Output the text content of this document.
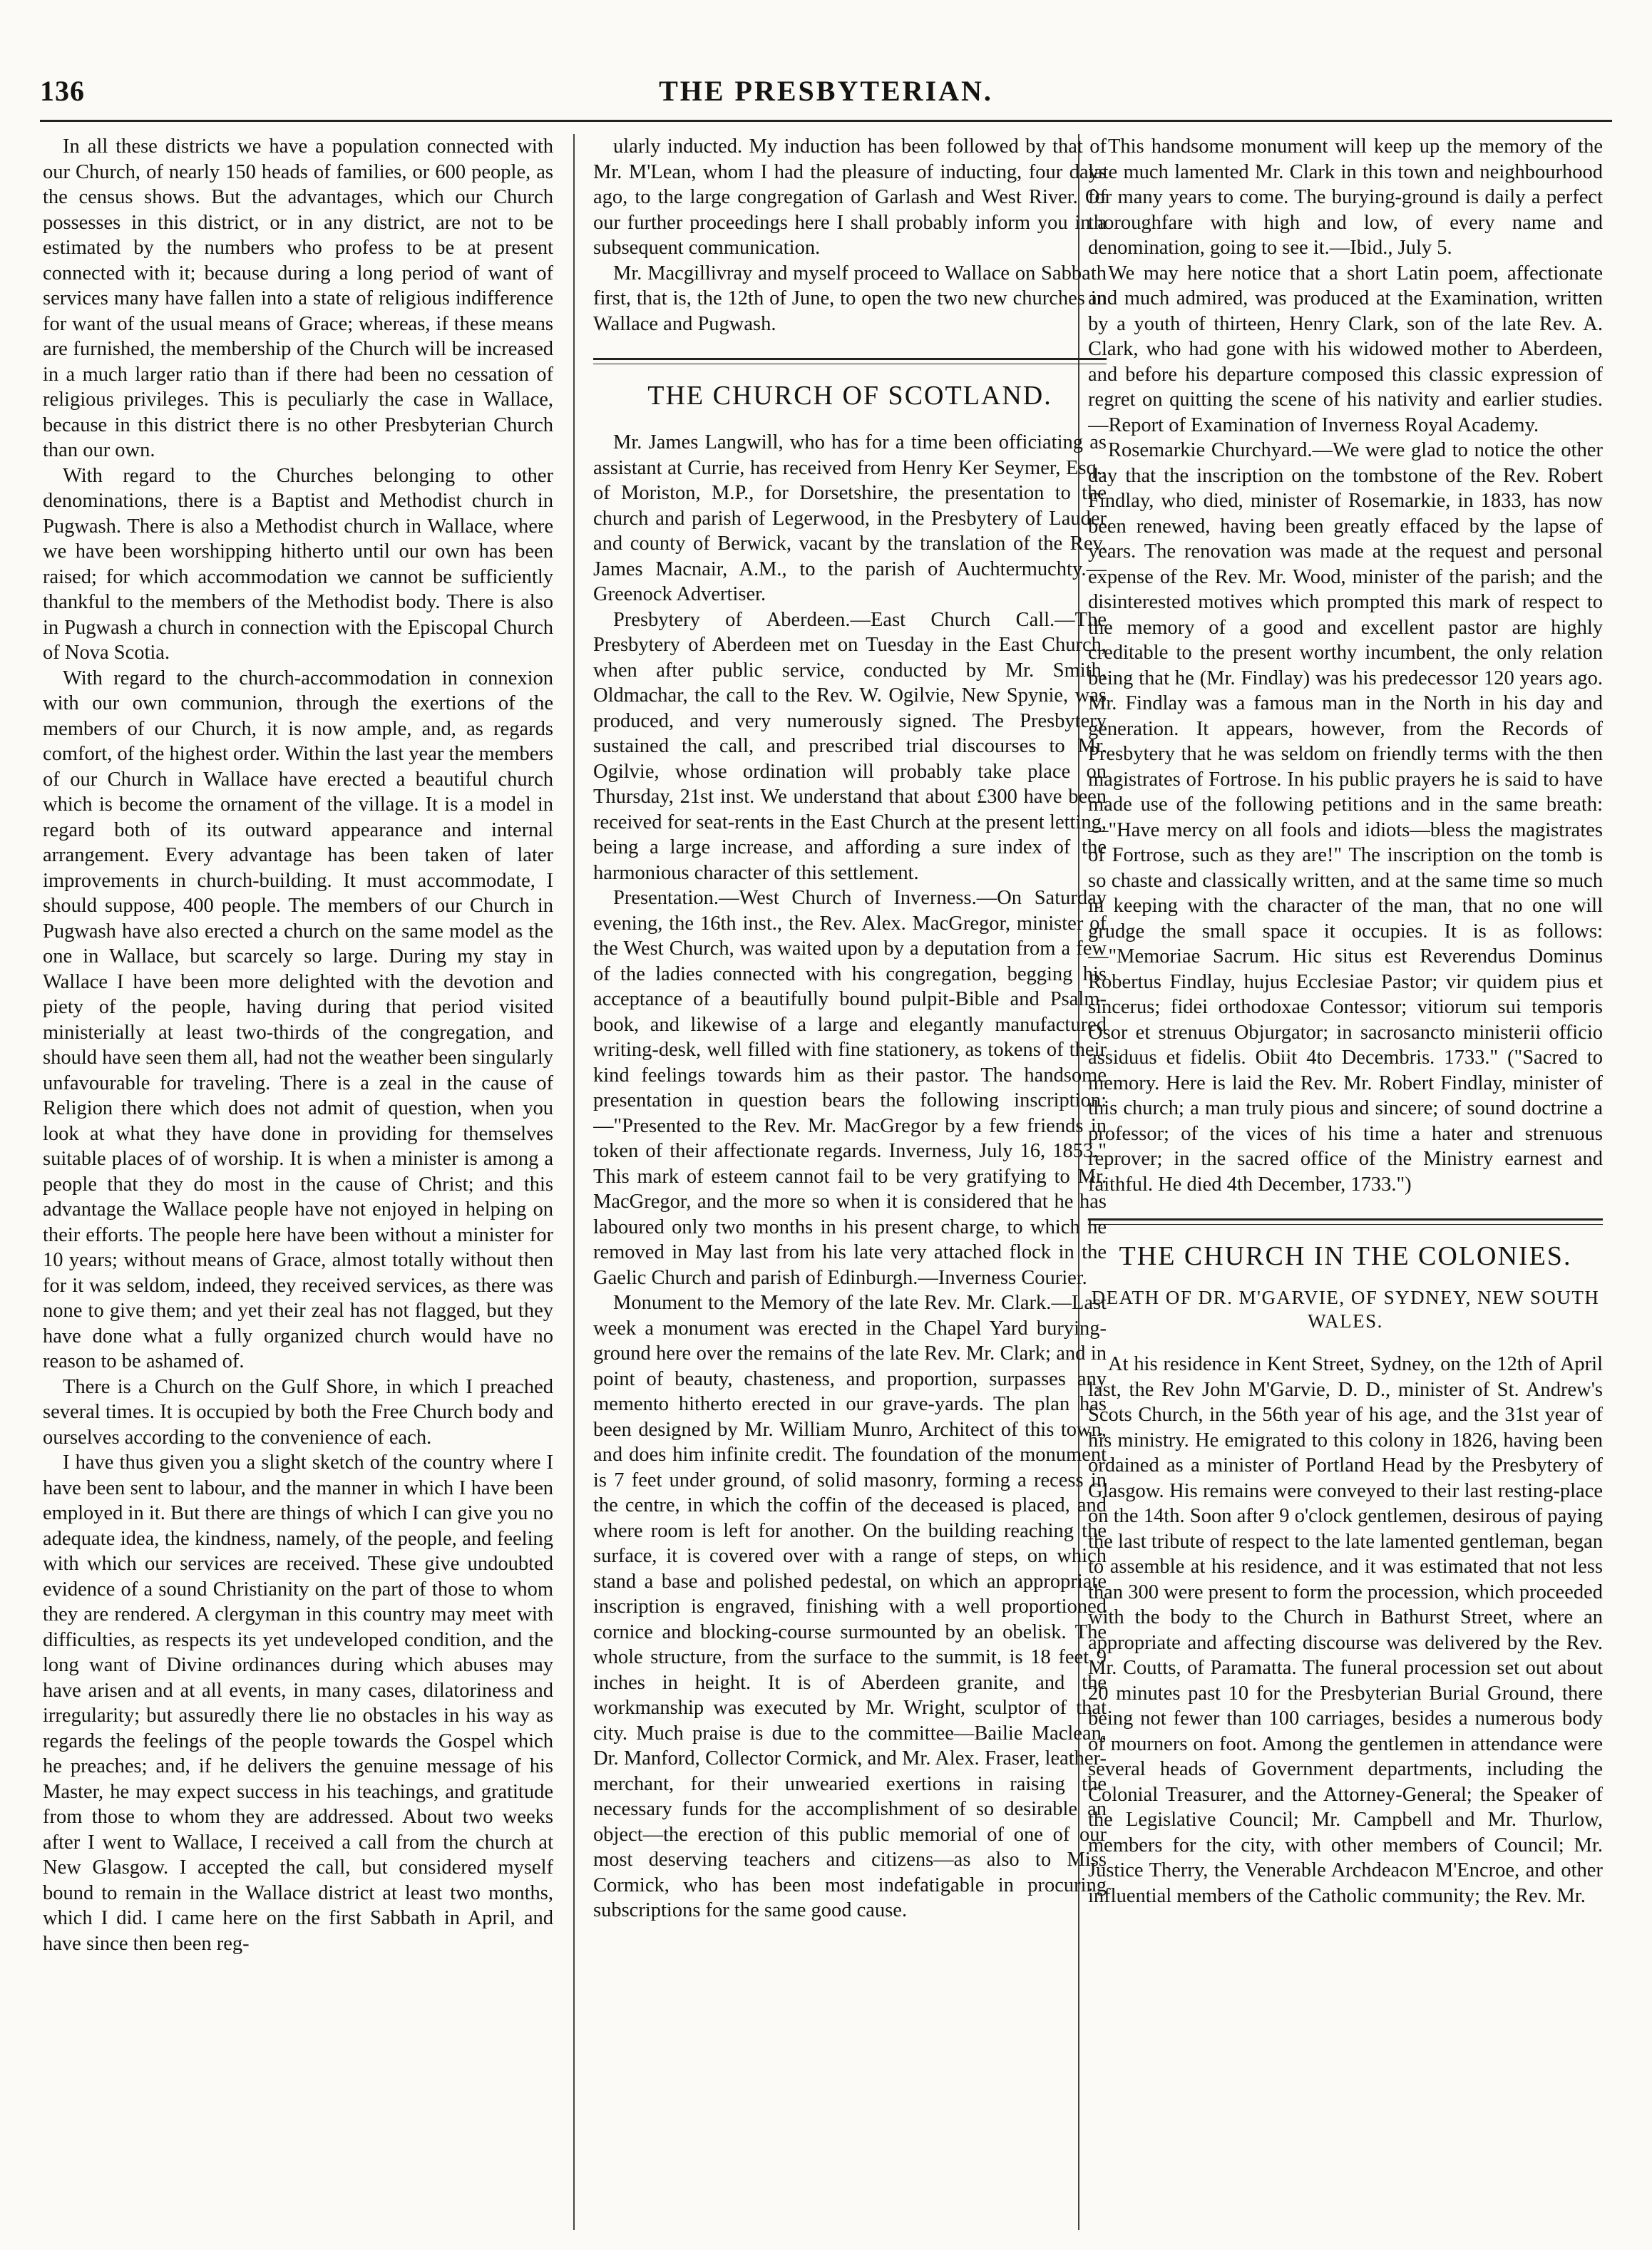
136	THE PRESBYTERIAN.

In all these districts we have a population connected with our Church, of nearly 150 heads of families, or 600 people, as the census shows. But the advantages, which our Church possesses in this district, or in any district, are not to be estimated by the numbers who profess to be at present connected with it; because during a long period of want of services many have fallen into a state of religious indifference for want of the usual means of Grace; whereas, if these means are furnished, the membership of the Church will be increased in a much larger ratio than if there had been no cessation of religious privileges. This is peculiarly the case in Wallace, because in this district there is no other Presbyterian Church than our own.

With regard to the Churches belonging to other denominations, there is a Baptist and Methodist church in Pugwash. There is also a Methodist church in Wallace, where we have been worshipping hitherto until our own has been raised; for which accommodation we cannot be sufficiently thankful to the members of the Methodist body. There is also in Pugwash a church in connection with the Episcopal Church of Nova Scotia.

With regard to the church-accommodation in connexion with our own communion, through the exertions of the members of our Church, it is now ample, and, as regards comfort, of the highest order. Within the last year the members of our Church in Wallace have erected a beautiful church which is become the ornament of the village. It is a model in regard both of its outward appearance and internal arrangement. Every advantage has been taken of later improvements in church-building. It must accommodate, I should suppose, 400 people. The members of our Church in Pugwash have also erected a church on the same model as the one in Wallace, but scarcely so large. During my stay in Wallace I have been more delighted with the devotion and piety of the people, having during that period visited ministerially at least two-thirds of the congregation, and should have seen them all, had not the weather been singularly unfavourable for traveling. There is a zeal in the cause of Religion there which does not admit of question, when you look at what they have done in providing for themselves suitable places of of worship. It is when a minister is among a people that they do most in the cause of Christ; and this advantage the Wallace people have not enjoyed in helping on their efforts. The people here have been without a minister for 10 years; without means of Grace, almost totally without then for it was seldom, indeed, they received services, as there was none to give them; and yet their zeal has not flagged, but they have done what a fully organized church would have no reason to be ashamed of.

There is a Church on the Gulf Shore, in which I preached several times. It is occupied by both the Free Church body and ourselves according to the convenience of each.

I have thus given you a slight sketch of the country where I have been sent to labour, and the manner in which I have been employed in it. But there are things of which I can give you no adequate idea, the kindness, namely, of the people, and feeling with which our services are received. These give undoubted evidence of a sound Christianity on the part of those to whom they are rendered. A clergyman in this country may meet with difficulties, as respects its yet undeveloped condition, and the long want of Divine ordinances during which abuses may have arisen and at all events, in many cases, dilatoriness and irregularity; but assuredly there lie no obstacles in his way as regards the feelings of the people towards the Gospel which he preaches; and, if he delivers the genuine message of his Master, he may expect success in his teachings, and gratitude from those to whom they are addressed. About two weeks after I went to Wallace, I received a call from the church at New Glasgow. I accepted the call, but considered myself bound to remain in the Wallace district at least two months, which I did. I came here on the first Sabbath in April, and have since then been reg-

ularly inducted. My induction has been followed by that of Mr. M'Lean, whom I had the pleasure of inducting, four days ago, to the large congregation of Garlash and West River. Of our further proceedings here I shall probably inform you in a subsequent communication.

Mr. Macgillivray and myself proceed to Wallace on Sabbath first, that is, the 12th of June, to open the two new churches in Wallace and Pugwash.

THE CHURCH OF SCOTLAND.

Mr. James Langwill, who has for a time been officiating as assistant at Currie, has received from Henry Ker Seymer, Esq., of Moriston, M.P., for Dorsetshire, the presentation to the church and parish of Legerwood, in the Presbytery of Lauder and county of Berwick, vacant by the translation of the Rev. James Macnair, A.M., to the parish of Auchtermuchty.—Greenock Advertiser.

Presbytery of Aberdeen.—East Church Call.—The Presbytery of Aberdeen met on Tuesday in the East Church, when after public service, conducted by Mr. Smith, Oldmachar, the call to the Rev. W. Ogilvie, New Spynie, was produced, and very numerously signed. The Presbytery sustained the call, and prescribed trial discourses to Mr. Ogilvie, whose ordination will probably take place on Thursday, 21st inst. We understand that about £300 have been received for seat-rents in the East Church at the present letting, being a large increase, and affording a sure index of the harmonious character of this settlement.

Presentation.—West Church of Inverness.—On Saturday evening, the 16th inst., the Rev. Alex. MacGregor, minister of the West Church, was waited upon by a deputation from a few of the ladies connected with his congregation, begging his acceptance of a beautifully bound pulpit-Bible and Psalm-book, and likewise of a large and elegantly manufactured writing-desk, well filled with fine stationery, as tokens of their kind feelings towards him as their pastor. The handsome presentation in question bears the following inscription:—"Presented to the Rev. Mr. MacGregor by a few friends in token of their affectionate regards. Inverness, July 16, 1853." This mark of esteem cannot fail to be very gratifying to Mr. MacGregor, and the more so when it is considered that he has laboured only two months in his present charge, to which he removed in May last from his late very attached flock in the Gaelic Church and parish of Edinburgh.—Inverness Courier.

Monument to the Memory of the late Rev. Mr. Clark.—Last week a monument was erected in the Chapel Yard burying-ground here over the remains of the late Rev. Mr. Clark; and in point of beauty, chasteness, and proportion, surpasses any memento hitherto erected in our grave-yards. The plan has been designed by Mr. William Munro, Architect of this town, and does him infinite credit. The foundation of the monument is 7 feet under ground, of solid masonry, forming a recess in the centre, in which the coffin of the deceased is placed, and where room is left for another. On the building reaching the surface, it is covered over with a range of steps, on which stand a base and polished pedestal, on which an appropriate inscription is engraved, finishing with a well proportioned cornice and blocking-course surmounted by an obelisk. The whole structure, from the surface to the summit, is 18 feet 9 inches in height. It is of Aberdeen granite, and the workmanship was executed by Mr. Wright, sculptor of that city. Much praise is due to the committee—Bailie Maclean, Dr. Manford, Collector Cormick, and Mr. Alex. Fraser, leather-merchant, for their unwearied exertions in raising the necessary funds for the accomplishment of so desirable an object—the erection of this public memorial of one of our most deserving teachers and citizens—as also to Miss Cormick, who has been most indefatigable in procuring subscriptions for the same good cause.

This handsome monument will keep up the memory of the late much lamented Mr. Clark in this town and neighbourhood for many years to come. The burying-ground is daily a perfect thoroughfare with high and low, of every name and denomination, going to see it.—Ibid., July 5.

We may here notice that a short Latin poem, affectionate and much admired, was produced at the Examination, written by a youth of thirteen, Henry Clark, son of the late Rev. A. Clark, who had gone with his widowed mother to Aberdeen, and before his departure composed this classic expression of regret on quitting the scene of his nativity and earlier studies.—Report of Examination of Inverness Royal Academy.

Rosemarkie Churchyard.—We were glad to notice the other day that the inscription on the tombstone of the Rev. Robert Findlay, who died, minister of Rosemarkie, in 1833, has now been renewed, having been greatly effaced by the lapse of years. The renovation was made at the request and personal expense of the Rev. Mr. Wood, minister of the parish; and the disinterested motives which prompted this mark of respect to the memory of a good and excellent pastor are highly creditable to the present worthy incumbent, the only relation being that he (Mr. Findlay) was his predecessor 120 years ago. Mr. Findlay was a famous man in the North in his day and generation. It appears, however, from the Records of Presbytery that he was seldom on friendly terms with the then magistrates of Fortrose. In his public prayers he is said to have made use of the following petitions and in the same breath:—"Have mercy on all fools and idiots—bless the magistrates of Fortrose, such as they are!" The inscription on the tomb is so chaste and classically written, and at the same time so much in keeping with the character of the man, that no one will grudge the small space it occupies. It is as follows:—"Memoriae Sacrum. Hic situs est Reverendus Dominus Robertus Findlay, hujus Ecclesiae Pastor; vir quidem pius et sincerus; fidei orthodoxae Contessor; vitiorum sui temporis Osor et strenuus Objurgator; in sacrosancto ministerii officio assiduus et fidelis. Obiit 4to Decembris. 1733." ("Sacred to memory. Here is laid the Rev. Mr. Robert Findlay, minister of this church; a man truly pious and sincere; of sound doctrine a professor; of the vices of his time a hater and strenuous reprover; in the sacred office of the Ministry earnest and faithful. He died 4th December, 1733.")

THE CHURCH IN THE COLONIES.
DEATH OF DR. M'GARVIE, OF SYDNEY, NEW SOUTH WALES.

At his residence in Kent Street, Sydney, on the 12th of April last, the Rev John M'Garvie, D. D., minister of St. Andrew's Scots Church, in the 56th year of his age, and the 31st year of his ministry. He emigrated to this colony in 1826, having been ordained as a minister of Portland Head by the Presbytery of Glasgow. His remains were conveyed to their last resting-place on the 14th. Soon after 9 o'clock gentlemen, desirous of paying the last tribute of respect to the late lamented gentleman, began to assemble at his residence, and it was estimated that not less than 300 were present to form the procession, which proceeded with the body to the Church in Bathurst Street, where an appropriate and affecting discourse was delivered by the Rev. Mr. Coutts, of Paramatta. The funeral procession set out about 20 minutes past 10 for the Presbyterian Burial Ground, there being not fewer than 100 carriages, besides a numerous body of mourners on foot. Among the gentlemen in attendance were several heads of Government departments, including the Colonial Treasurer, and the Attorney-General; the Speaker of the Legislative Council; Mr. Campbell and Mr. Thurlow, members for the city, with other members of Council; Mr. Justice Therry, the Venerable Archdeacon M'Encroe, and other influential members of the Catholic community; the Rev. Mr.
